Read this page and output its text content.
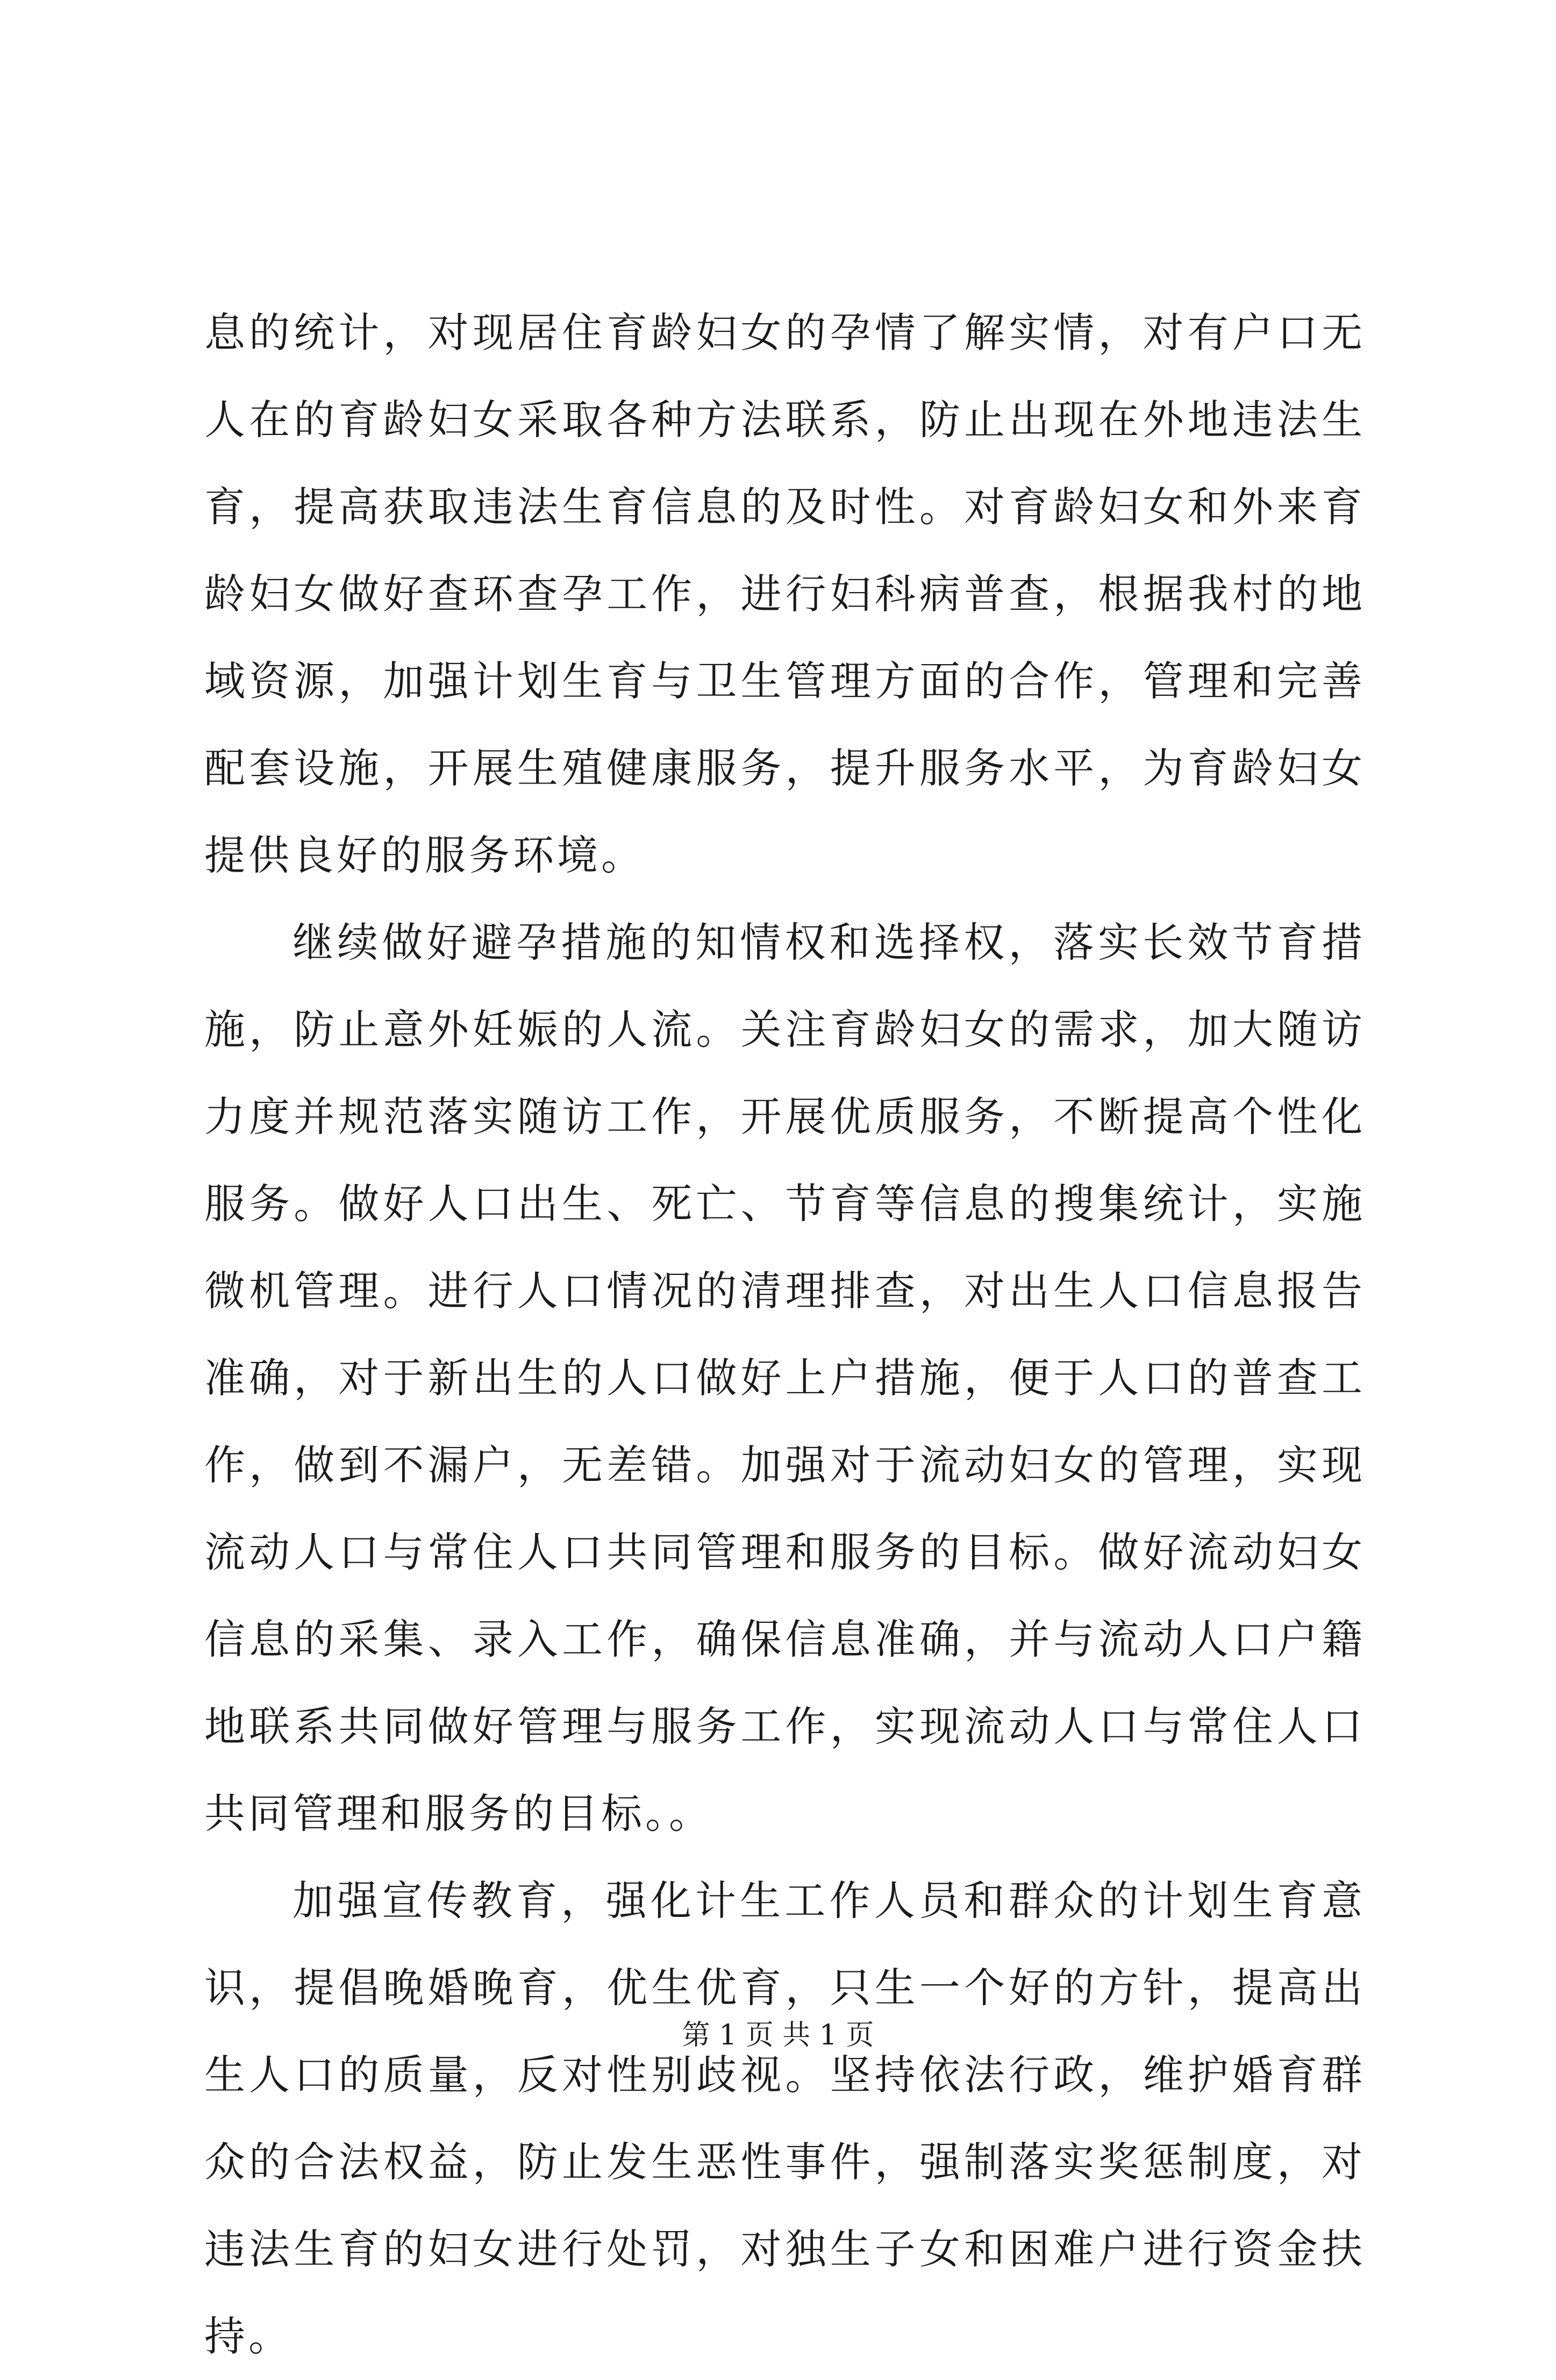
息的统计，对现居住育龄妇女的孕情了解实情，对有户口无人在的育龄妇女采取各种方法联系，防止出现在外地违法生育，提高获取违法生育信息的及时性。对育龄妇女和外来育龄妇女做好查环查孕工作，进行妇科病普查，根据我村的地域资源，加强计划生育与卫生管理方面的合作，管理和完善配套设施，开展生殖健康服务，提升服务水平，为育龄妇女提供良好的服务环境。

继续做好避孕措施的知情权和选择权，落实长效节育措施，防止意外妊娠的人流。关注育龄妇女的需求，加大随访力度并规范落实随访工作，开展优质服务，不断提高个性化服务。做好人口出生、死亡、节育等信息的搜集统计，实施微机管理。进行人口情况的清理排查，对出生人口信息报告准确，对于新出生的人口做好上户措施，便于人口的普查工作，做到不漏户，无差错。加强对于流动妇女的管理，实现流动人口与常住人口共同管理和服务的目标。做好流动妇女信息的采集、录入工作，确保信息准确，并与流动人口户籍地联系共同做好管理与服务工作，实现流动人口与常住人口共同管理和服务的目标。。

加强宣传教育，强化计生工作人员和群众的计划生育意识，提倡晚婚晚育，优生优育，只生一个好的方针，提高出生人口的质量，反对性别歧视。坚持依法行政，维护婚育群众的合法权益，防止发生恶性事件，强制落实奖惩制度，对违法生育的妇女进行处罚，对独生子女和困难户进行资金扶持。

第 1 页 共 1 页
